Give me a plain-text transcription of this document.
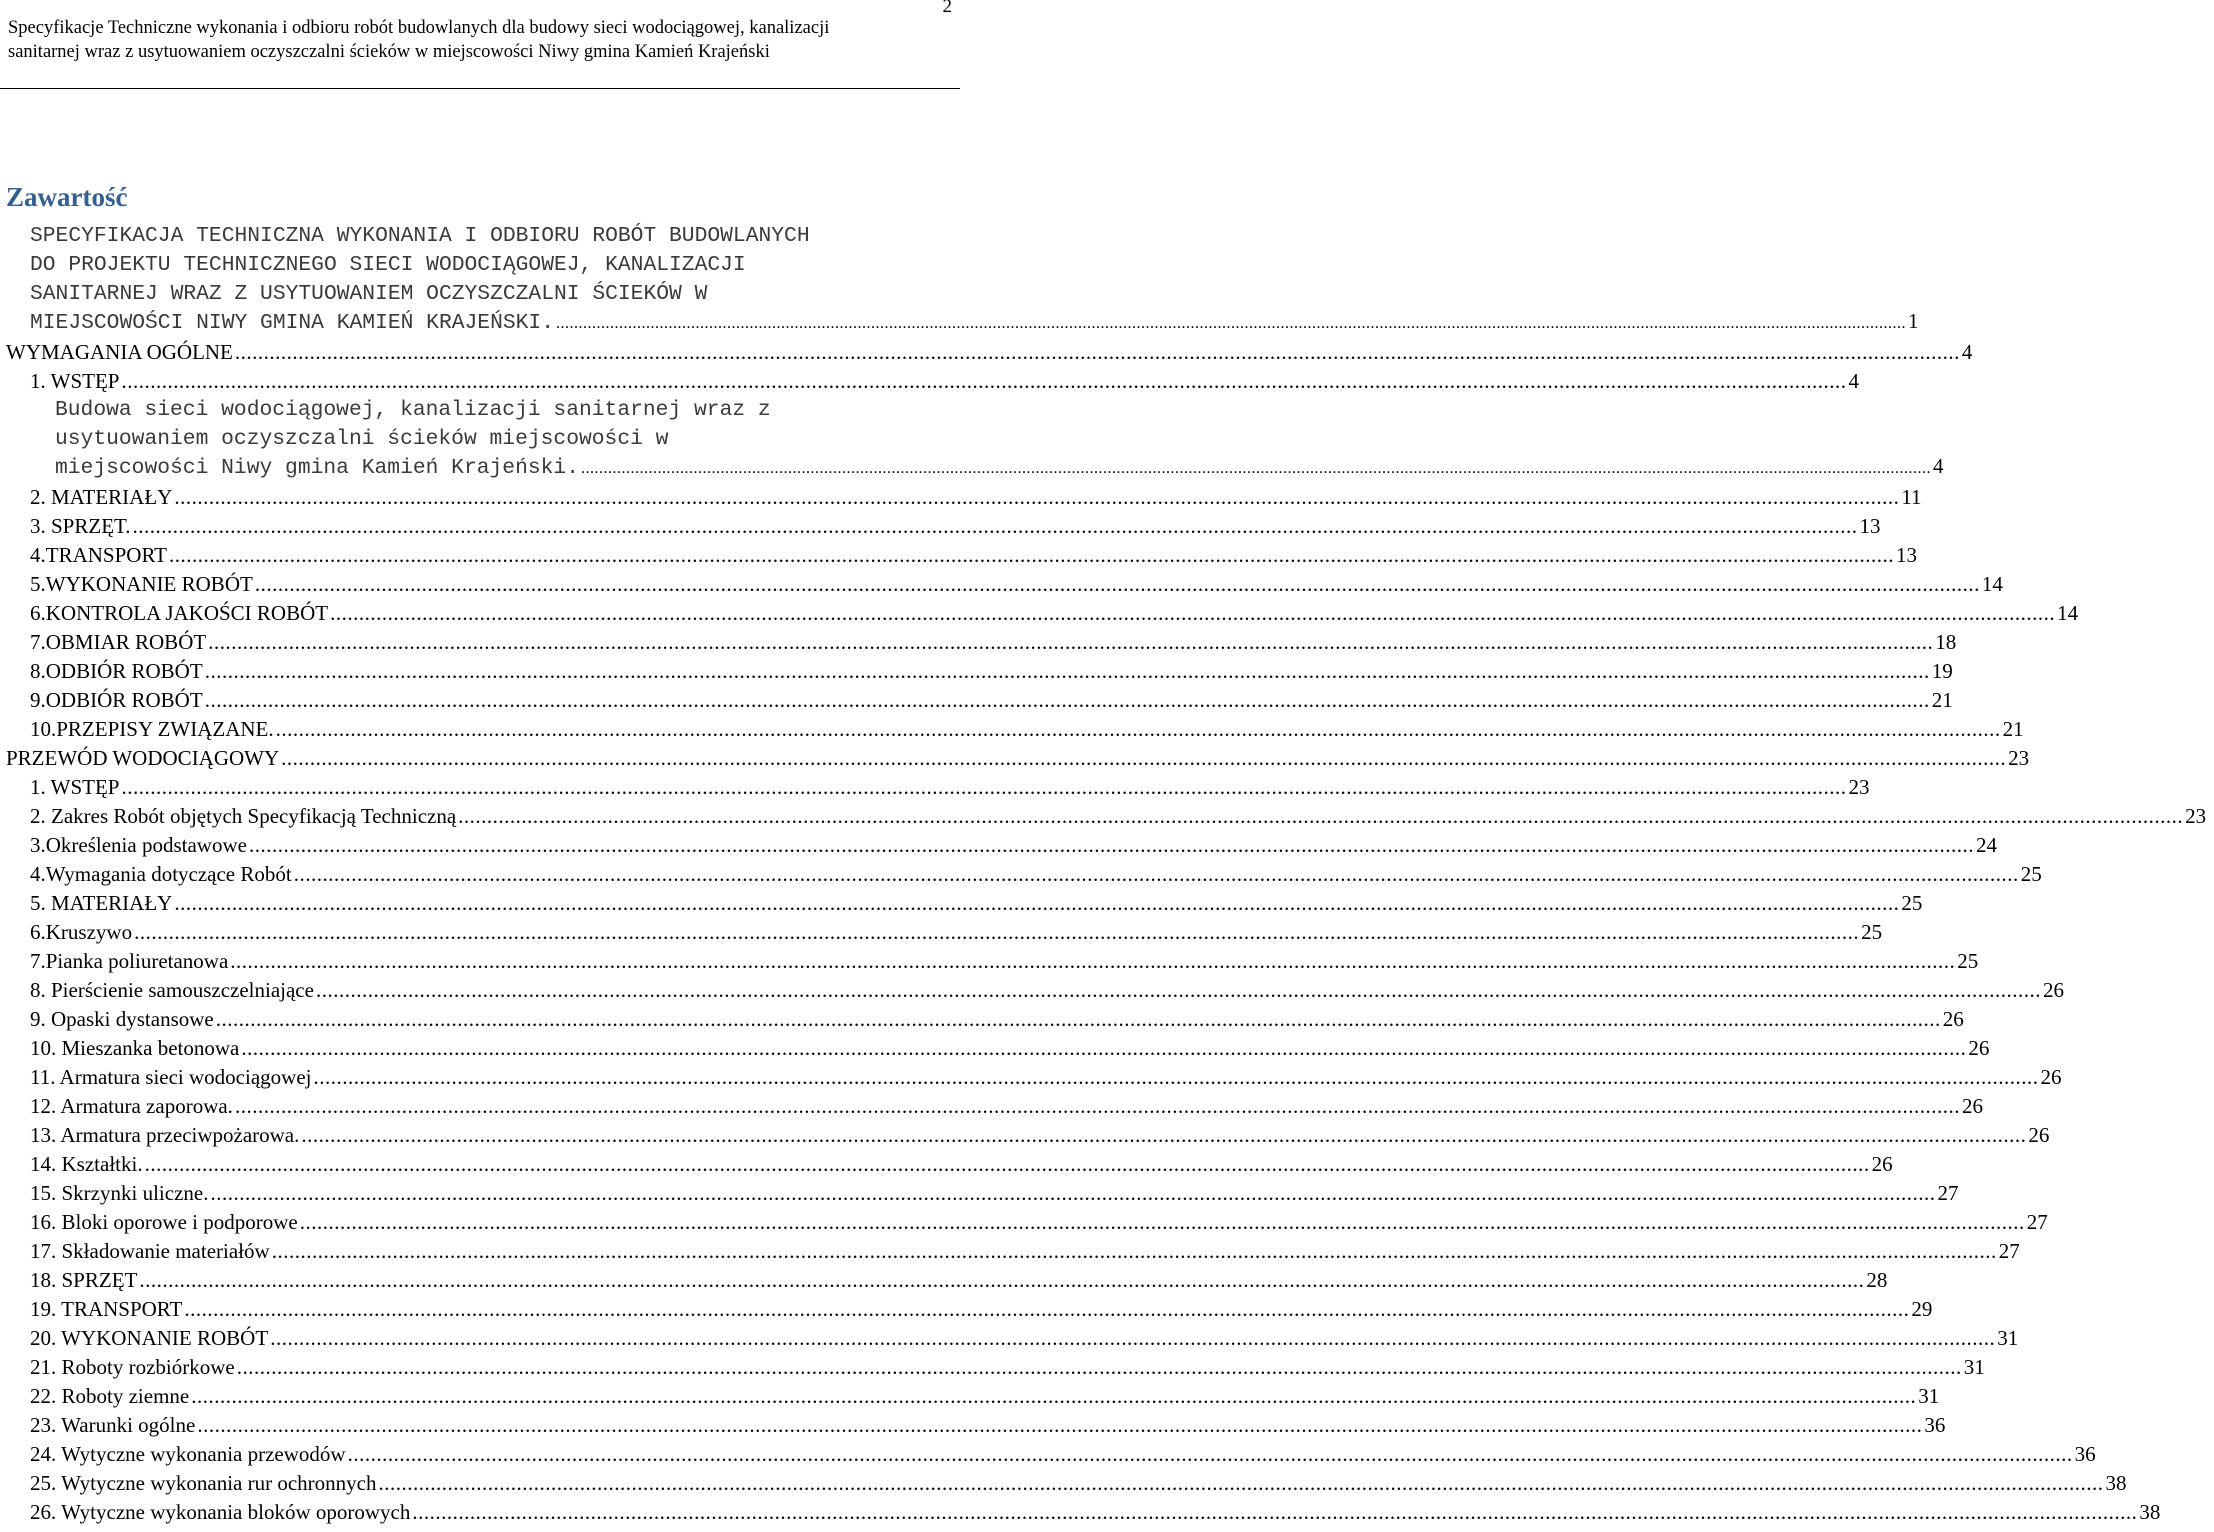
2
Specyfikacje Techniczne wykonania i odbioru robót budowlanych dla budowy sieci wodociągowej, kanalizacji
sanitarnej wraz z usytuowaniem oczyszczalni ścieków w miejscowości Niwy gmina Kamień Krajeński
Zawartość
SPECYFIKACJA TECHNICZNA WYKONANIA I ODBIORU ROBÓT BUDOWLANYCH
DO PROJEKTU TECHNICZNEGO SIECI WODOCIĄGOWEJ, KANALIZACJI
SANITARNEJ WRAZ Z USYTUOWANIEM OCZYSZCZALNI ŚCIEKÓW W
MIEJSCOWOŚCI NIWY GMINA KAMIEŃ KRAJEŃSKI. ............................................................................................................................................................................................................................................................................................................ 1
WYMAGANIA OGÓLNE ............................................................................................................................................................................................................................................................................................................ 4
1. WSTĘP ............................................................................................................................................................................................................................................................................................................ 4
Budowa sieci wodociągowej, kanalizacji sanitarnej wraz z
usytuowaniem oczyszczalni ścieków miejscowości w
miejscowości Niwy gmina Kamień Krajeński. ............................................................................................................................................................................................................................................................................................................ 4
2. MATERIAŁY ............................................................................................................................................................................................................................................................................................................ 11
3. SPRZĘT. ............................................................................................................................................................................................................................................................................................................ 13
4.TRANSPORT ............................................................................................................................................................................................................................................................................................................ 13
5.WYKONANIE ROBÓT ............................................................................................................................................................................................................................................................................................................ 14
6.KONTROLA JAKOŚCI ROBÓT ............................................................................................................................................................................................................................................................................................................ 14
7.OBMIAR ROBÓT ............................................................................................................................................................................................................................................................................................................ 18
8.ODBIÓR ROBÓT ............................................................................................................................................................................................................................................................................................................ 19
9.ODBIÓR ROBÓT ............................................................................................................................................................................................................................................................................................................ 21
10.PRZEPISY ZWIĄZANE. ............................................................................................................................................................................................................................................................................................................ 21
PRZEWÓD WODOCIĄGOWY ............................................................................................................................................................................................................................................................................................................ 23
1. WSTĘP ............................................................................................................................................................................................................................................................................................................ 23
2. Zakres Robót objętych Specyfikacją Techniczną ............................................................................................................................................................................................................................................................................................................ 23
3.Określenia podstawowe ............................................................................................................................................................................................................................................................................................................ 24
4.Wymagania dotyczące Robót ............................................................................................................................................................................................................................................................................................................ 25
5. MATERIAŁY ............................................................................................................................................................................................................................................................................................................ 25
6.Kruszywo ............................................................................................................................................................................................................................................................................................................ 25
7.Pianka poliuretanowa ............................................................................................................................................................................................................................................................................................................ 25
8. Pierścienie samouszczelniające ............................................................................................................................................................................................................................................................................................................ 26
9. Opaski dystansowe ............................................................................................................................................................................................................................................................................................................ 26
10. Mieszanka betonowa ............................................................................................................................................................................................................................................................................................................ 26
11. Armatura sieci wodociągowej ............................................................................................................................................................................................................................................................................................................ 26
12. Armatura zaporowa. ............................................................................................................................................................................................................................................................................................................ 26
13. Armatura przeciwpożarowa. ............................................................................................................................................................................................................................................................................................................ 26
14. Kształtki. ............................................................................................................................................................................................................................................................................................................ 26
15. Skrzynki uliczne. ............................................................................................................................................................................................................................................................................................................ 27
16. Bloki oporowe i podporowe ............................................................................................................................................................................................................................................................................................................ 27
17. Składowanie materiałów ............................................................................................................................................................................................................................................................................................................ 27
18. SPRZĘT ............................................................................................................................................................................................................................................................................................................ 28
19. TRANSPORT ............................................................................................................................................................................................................................................................................................................ 29
20. WYKONANIE ROBÓT ............................................................................................................................................................................................................................................................................................................ 31
21. Roboty rozbiórkowe ............................................................................................................................................................................................................................................................................................................ 31
22. Roboty ziemne ............................................................................................................................................................................................................................................................................................................ 31
23. Warunki ogólne ............................................................................................................................................................................................................................................................................................................ 36
24. Wytyczne wykonania przewodów ............................................................................................................................................................................................................................................................................................................ 36
25. Wytyczne wykonania rur ochronnych ............................................................................................................................................................................................................................................................................................................ 38
26. Wytyczne wykonania bloków oporowych ............................................................................................................................................................................................................................................................................................................ 38
